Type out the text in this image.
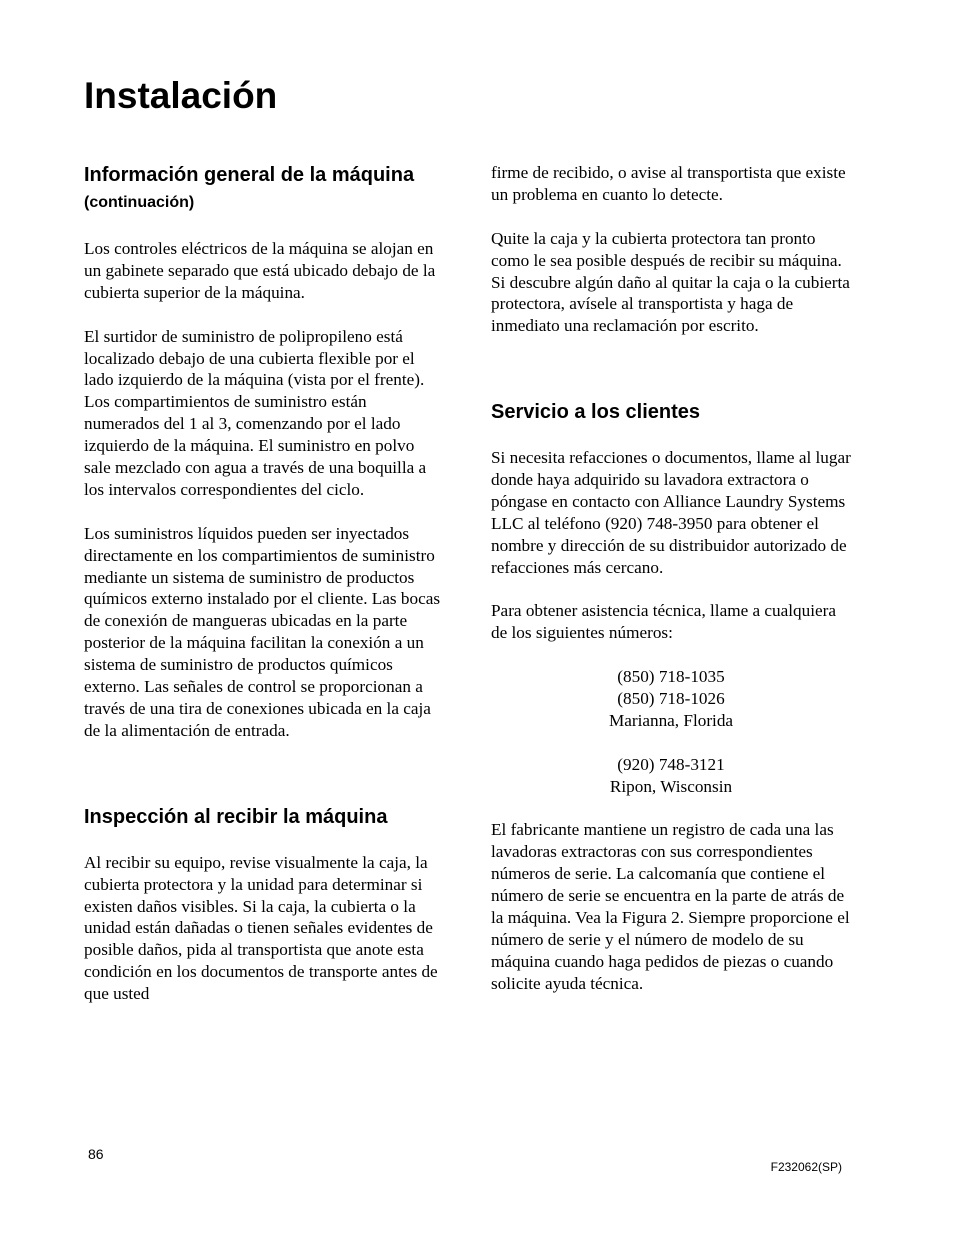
Instalación
Información general de la máquina (continuación)

Los controles eléctricos de la máquina se alojan en un gabinete separado que está ubicado debajo de la cubierta superior de la máquina.

El surtidor de suministro de polipropileno está localizado debajo de una cubierta flexible por el lado izquierdo de la máquina (vista por el frente). Los compartimientos de suministro están numerados del 1 al 3, comenzando por el lado izquierdo de la máquina. El suministro en polvo sale mezclado con agua a través de una boquilla a los intervalos correspondientes del ciclo.

Los suministros líquidos pueden ser inyectados directamente en los compartimientos de suministro mediante un sistema de suministro de productos químicos externo instalado por el cliente. Las bocas de conexión de mangueras ubicadas en la parte posterior de la máquina facilitan la conexión a un sistema de suministro de productos químicos externo. Las señales de control se proporcionan a través de una tira de conexiones ubicada en la caja de la alimentación de entrada.

Inspección al recibir la máquina

Al recibir su equipo, revise visualmente la caja, la cubierta protectora y la unidad para determinar si existen daños visibles. Si la caja, la cubierta o la unidad están dañadas o tienen señales evidentes de posible daños, pida al transportista que anote esta condición en los documentos de transporte antes de que usted

firme de recibido, o avise al transportista que existe un problema en cuanto lo detecte.

Quite la caja y la cubierta protectora tan pronto como le sea posible después de recibir su máquina. Si descubre algún daño al quitar la caja o la cubierta protectora, avísele al transportista y haga de inmediato una reclamación por escrito.

Servicio a los clientes

Si necesita refacciones o documentos, llame al lugar donde haya adquirido su lavadora extractora o póngase en contacto con Alliance Laundry Systems LLC al teléfono (920) 748-3950 para obtener el nombre y dirección de su distribuidor autorizado de refacciones más cercano.

Para obtener asistencia técnica, llame a cualquiera de los siguientes números:

(850) 718-1035
(850) 718-1026
Marianna, Florida

(920) 748-3121
Ripon, Wisconsin

El fabricante mantiene un registro de cada una las lavadoras extractoras con sus correspondientes números de serie. La calcomanía que contiene el número de serie se encuentra en la parte de atrás de la máquina. Vea la Figura 2. Siempre proporcione el número de serie y el número de modelo de su máquina cuando haga pedidos de piezas o cuando solicite ayuda técnica.

86
F232062(SP)
